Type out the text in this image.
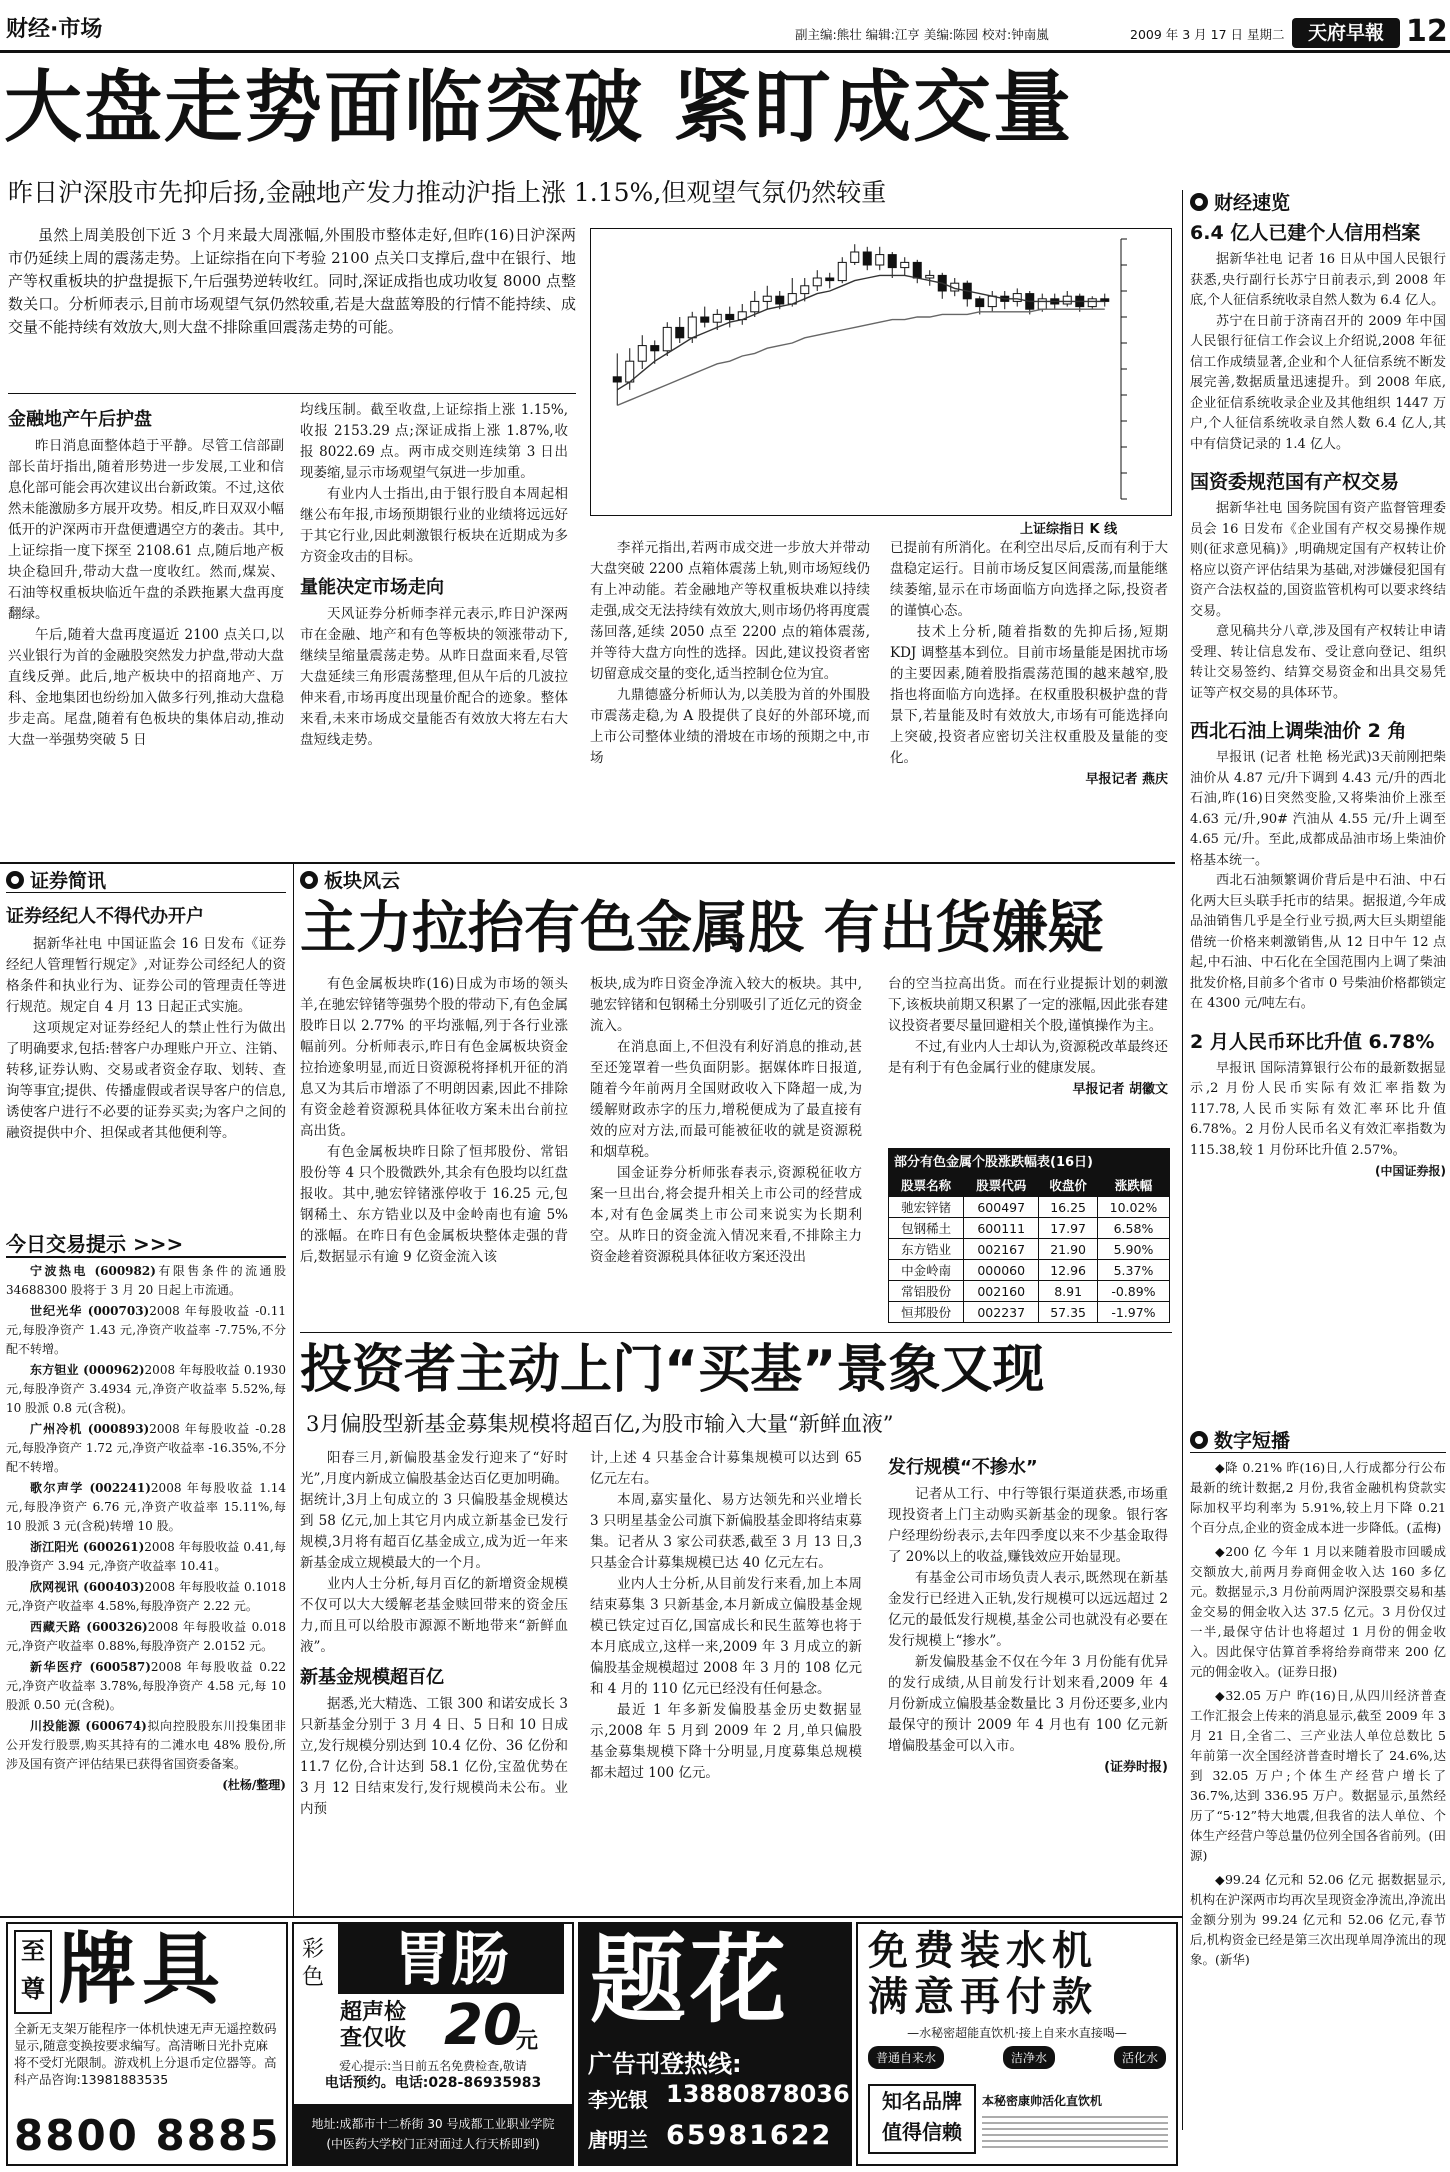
财经·市场	副主编:熊壮 编辑:江亨 美编:陈园 校对:钟南嵐	2009 年 3 月 17 日 星期二	天府早報 12
大盘走势面临突破 紧盯成交量
昨日沪深股市先抑后扬,金融地产发力推动沪指上涨 1.15%,但观望气氛仍然较重

虽然上周美股创下近 3 个月来最大周涨幅,外围股市整体走好,但昨(16)日沪深两市仍延续上周的震荡走势。上证综指在向下考验 2100 点关口支撑后,盘中在银行、地产等权重板块的护盘提振下,午后强势逆转收红。同时,深证成指也成功收复 8000 点整数关口。分析师表示,目前市场观望气氛仍然较重,若是大盘蓝筹股的行情不能持续、成交量不能持续有效放大,则大盘不排除重回震荡走势的可能。

上证综指日 K 线
金融地产午后护盘

昨日消息面整体趋于平静。尽管工信部副部长苗圩指出,随着形势进一步发展,工业和信息化部可能会再次建议出台新政策。不过,这依然未能激励多方展开攻势。相反,昨日双双小幅低开的沪深两市开盘便遭遇空方的袭击。其中,上证综指一度下探至 2108.61 点,随后地产板块企稳回升,带动大盘一度收红。然而,煤炭、石油等权重板块临近午盘的杀跌拖累大盘再度翻绿。

午后,随着大盘再度逼近 2100 点关口,以兴业银行为首的金融股突然发力护盘,带动大盘直线反弹。此后,地产板块中的招商地产、万科、金地集团也纷纷加入做多行列,推动大盘稳步走高。尾盘,随着有色板块的集体启动,推动大盘一举强势突破 5 日

均线压制。截至收盘,上证综指上涨 1.15%,收报 2153.29 点;深证成指上涨 1.87%,收报 8022.69 点。两市成交则连续第 3 日出现萎缩,显示市场观望气氛进一步加重。

有业内人士指出,由于银行股自本周起相继公布年报,市场预期银行业的业绩将远远好于其它行业,因此刺激银行板块在近期成为多方资金攻击的目标。

量能决定市场走向

天风证券分析师李祥元表示,昨日沪深两市在金融、地产和有色等板块的领涨带动下,继续呈缩量震荡走势。从昨日盘面来看,尽管大盘延续三角形震荡整理,但从午后的几波拉伸来看,市场再度出现量价配合的迹象。整体来看,未来市场成交量能否有效放大将左右大盘短线走势。

李祥元指出,若两市成交进一步放大并带动大盘突破 2200 点箱体震荡上轨,则市场短线仍有上冲动能。若金融地产等权重板块难以持续走强,成交无法持续有效放大,则市场仍将再度震荡回落,延续 2050 点至 2200 点的箱体震荡,并等待大盘方向性的选择。因此,建议投资者密切留意成交量的变化,适当控制仓位为宜。

九鼎德盛分析师认为,以美股为首的外围股市震荡走稳,为 A 股提供了良好的外部环境,而上市公司整体业绩的滑坡在市场的预期之中,市场

已提前有所消化。在利空出尽后,反而有利于大盘稳定运行。目前市场反复区间震荡,而量能继续萎缩,显示在市场面临方向选择之际,投资者的谨慎心态。

技术上分析,随着指数的先抑后扬,短期 KDJ 调整基本到位。目前市场量能是困扰市场的主要因素,随着股指震荡范围的越来越窄,股指也将面临方向选择。在权重股积极护盘的背景下,若量能及时有效放大,市场有可能选择向上突破,投资者应密切关注权重股及量能的变化。

早报记者 燕庆

证券简讯
证券经纪人不得代办开户

据新华社电 中国证监会 16 日发布《证券经纪人管理暂行规定》,对证券公司经纪人的资格条件和执业行为、证券公司的管理责任等进行规范。规定自 4 月 13 日起正式实施。

这项规定对证券经纪人的禁止性行为做出了明确要求,包括:替客户办理账户开立、注销、转移,证券认购、交易或者资金存取、划转、查询等事宜;提供、传播虚假或者误导客户的信息,诱使客户进行不必要的证券买卖;为客户之间的融资提供中介、担保或者其他便利等。

今日交易提示 >>>

宁波热电 (600982)有限售条件的流通股 34688300 股将于 3 月 20 日起上市流通。

世纪光华 (000703)2008 年每股收益 -0.11 元,每股净资产 1.43 元,净资产收益率 -7.75%,不分配不转增。

东方钽业 (000962)2008 年每股收益 0.1930 元,每股净资产 3.4934 元,净资产收益率 5.52%,每 10 股派 0.8 元(含税)。

广州冷机 (000893)2008 年每股收益 -0.28 元,每股净资产 1.72 元,净资产收益率 -16.35%,不分配不转增。

歌尔声学 (002241)2008 年每股收益 1.14 元,每股净资产 6.76 元,净资产收益率 15.11%,每 10 股派 3 元(含税)转增 10 股。

浙江阳光 (600261)2008 年每股收益 0.41,每股净资产 3.94 元,净资产收益率 10.41。

欣网视讯 (600403)2008 年每股收益 0.1018 元,净资产收益率 4.58%,每股净资产 2.22 元。

西藏天路 (600326)2008 年每股收益 0.018 元,净资产收益率 0.88%,每股净资产 2.0152 元。

新华医疗 (600587)2008 年每股收益 0.22 元,净资产收益率 3.78%,每股净资产 4.58 元,每 10 股派 0.50 元(含税)。

川投能源 (600674)拟向控股股东川投集团非公开发行股票,购买其持有的二滩水电 48% 股份,所涉及国有资产评估结果已获得省国资委备案。

(杜杨/整理)

板块风云
主力拉抬有色金属股 有出货嫌疑

有色金属板块昨(16)日成为市场的领头羊,在驰宏锌锗等强势个股的带动下,有色金属股昨日以 2.77% 的平均涨幅,列于各行业涨幅前列。分析师表示,昨日有色金属板块资金拉抬迹象明显,而近日资源税将择机开征的消息又为其后市增添了不明朗因素,因此不排除有资金趁着资源税具体征收方案未出台前拉高出货。

有色金属板块昨日除了恒邦股份、常铝股份等 4 只个股微跌外,其余有色股均以红盘报收。其中,驰宏锌锗涨停收于 16.25 元,包钢稀土、东方锆业以及中金岭南也有逾 5% 的涨幅。在昨日有色金属板块整体走强的背后,数据显示有逾 9 亿资金流入该

板块,成为昨日资金净流入较大的板块。其中,驰宏锌锗和包钢稀土分别吸引了近亿元的资金流入。

在消息面上,不但没有利好消息的推动,甚至还笼罩着一些负面阴影。据媒体昨日报道,随着今年前两月全国财政收入下降超一成,为缓解财政赤字的压力,增税便成为了最直接有效的应对方法,而最可能被征收的就是资源税和烟草税。

国金证券分析师张春表示,资源税征收方案一旦出台,将会提升相关上市公司的经营成本,对有色金属类上市公司来说实为长期利空。从昨日的资金流入情况来看,不排除主力资金趁着资源税具体征收方案还没出

台的空当拉高出货。而在行业提振计划的刺激下,该板块前期又积累了一定的涨幅,因此张春建议投资者要尽量回避相关个股,谨慎操作为主。

不过,有业内人士却认为,资源税改革最终还是有利于有色金属行业的健康发展。

早报记者 胡徽文

部分有色金属个股涨跌幅表(16日)
股票名称	股票代码	收盘价	涨跌幅
驰宏锌锗	600497	16.25	10.02%
包钢稀土	600111	17.97	6.58%
东方锆业	002167	21.90	5.90%
中金岭南	000060	12.96	5.37%
常铝股份	002160	8.91	-0.89%
恒邦股份	002237	57.35	-1.97%
投资者主动上门“买基”景象又现
3月偏股型新基金募集规模将超百亿,为股市输入大量“新鲜血液”

阳春三月,新偏股基金发行迎来了“好时光”,月度内新成立偏股基金达百亿更加明确。据统计,3月上旬成立的 3 只偏股基金规模达到 58 亿元,加上其它月内成立新基金已发行规模,3月将有超百亿基金成立,成为近一年来新基金成立规模最大的一个月。

业内人士分析,每月百亿的新增资金规模不仅可以大大缓解老基金赎回带来的资金压力,而且可以给股市源源不断地带来“新鲜血液”。

新基金规模超百亿

据悉,光大精选、工银 300 和诺安成长 3 只新基金分别于 3 月 4 日、5 日和 10 日成立,发行规模分别达到 10.4 亿份、36 亿份和 11.7 亿份,合计达到 58.1 亿份,宝盈优势在 3 月 12 日结束发行,发行规模尚未公布。业内预

计,上述 4 只基金合计募集规模可以达到 65 亿元左右。

本周,嘉实量化、易方达领先和兴业增长 3 只明星基金公司旗下新偏股基金即将结束募集。记者从 3 家公司获悉,截至 3 月 13 日,3 只基金合计募集规模已达 40 亿元左右。

业内人士分析,从目前发行来看,加上本周结束募集 3 只新基金,本月新成立偏股基金规模已铁定过百亿,国富成长和民生蓝筹也将于本月底成立,这样一来,2009 年 3 月成立的新偏股基金规模超过 2008 年 3 月的 108 亿元和 4 月的 110 亿元已经没有任何悬念。

最近 1 年多新发偏股基金历史数据显示,2008 年 5 月到 2009 年 2 月,单只偏股基金募集规模下降十分明显,月度募集总规模都未超过 100 亿元。

发行规模“不掺水”

记者从工行、中行等银行渠道获悉,市场重现投资者上门主动购买新基金的现象。银行客户经理纷纷表示,去年四季度以来不少基金取得了 20%以上的收益,赚钱效应开始显现。

有基金公司市场负责人表示,既然现在新基金发行已经进入正轨,发行规模可以远远超过 2 亿元的最低发行规模,基金公司也就没有必要在发行规模上“掺水”。

新发偏股基金不仅在今年 3 月份能有优异的发行成绩,从目前发行计划来看,2009 年 4 月份新成立偏股基金数量比 3 月份还要多,业内最保守的预计 2009 年 4 月也有 100 亿元新增偏股基金可以入市。

(证券时报)

财经速览
6.4 亿人已建个人信用档案

据新华社电 记者 16 日从中国人民银行获悉,央行副行长苏宁日前表示,到 2008 年底,个人征信系统收录自然人数为 6.4 亿人。

苏宁在日前于济南召开的 2009 年中国人民银行征信工作会议上介绍说,2008 年征信工作成绩显著,企业和个人征信系统不断发展完善,数据质量迅速提升。到 2008 年底,企业征信系统收录企业及其他组织 1447 万户,个人征信系统收录自然人数 6.4 亿人,其中有信贷记录的 1.4 亿人。

国资委规范国有产权交易

据新华社电 国务院国有资产监督管理委员会 16 日发布《企业国有产权交易操作规则(征求意见稿)》,明确规定国有产权转让价格应以资产评估结果为基础,对涉嫌侵犯国有资产合法权益的,国资监管机构可以要求终结交易。

意见稿共分八章,涉及国有产权转让申请受理、转让信息发布、受让意向登记、组织转让交易签约、结算交易资金和出具交易凭证等产权交易的具体环节。

西北石油上调柴油价 2 角

早报讯 (记者 杜艳 杨光武)3天前刚把柴油价从 4.87 元/升下调到 4.43 元/升的西北石油,昨(16)日突然变脸,又将柴油价上涨至 4.63 元/升,90# 汽油从 4.55 元/升上调至 4.65 元/升。至此,成都成品油市场上柴油价格基本统一。

西北石油频繁调价背后是中石油、中石化两大巨头联手托市的结果。据报道,今年成品油销售几乎是全行业亏损,两大巨头期望能借统一价格来刺激销售,从 12 日中午 12 点起,中石油、中石化在全国范围内上调了柴油批发价格,目前多个省市 0 号柴油价格都锁定在 4300 元/吨左右。

2 月人民币环比升值 6.78%

早报讯 国际清算银行公布的最新数据显示,2 月份人民币实际有效汇率指数为 117.78,人民币实际有效汇率环比升值 6.78%。2 月份人民币名义有效汇率指数为 115.38,较 1 月份环比升值 2.57%。

(中国证券报)

数字短播

◆降 0.21% 昨(16)日,人行成都分行公布最新的统计数据,2 月份,我省金融机构贷款实际加权平均利率为 5.91%,较上月下降 0.21 个百分点,企业的资金成本进一步降低。(孟梅)

◆200 亿 今年 1 月以来随着股市回暖成交额放大,前两月券商佣金收入达 160 多亿元。数据显示,3 月份前两周沪深股票交易和基金交易的佣金收入达 37.5 亿元。3 月份仅过一半,最保守估计也将超过 1 月份的佣金收入。因此保守估算首季将给券商带来 200 亿元的佣金收入。(证券日报)

◆32.05 万户 昨(16)日,从四川经济普查工作汇报会上传来的消息显示,截至 2009 年 3 月 21 日,全省二、三产业法人单位总数比 5 年前第一次全国经济普查时增长了 24.6%,达到 32.05 万户;个体生产经营户增长了 36.7%,达到 336.95 万户。数据显示,虽然经历了“5·12”特大地震,但我省的法人单位、个体生产经营户等总量仍位列全国各省前列。(田源)

◆99.24 亿元和 52.06 亿元 据数据显示,机构在沪深两市均再次呈现资金净流出,净流出金额分别为 99.24 亿元和 52.06 亿元,春节后,机构资金已经是第三次出现单周净流出的现象。(新华)

至
尊 牌具
全新无支架万能程序一体机快速无声无遥控数码显示,随意变换按要求编写。高清晰日光扑克麻将不受灯光限制。游戏机上分退币定位器等。高科产品咨询:13981883535
8800 8885
彩
色	胃肠
超声检
查仅收 20
元
爱心提示:当日前五名免费检查,敬请
电话预约。电话:028-86935983
地址:成都市十二桥街 30 号成都工业职业学院
(中医药大学校门正对面过人行天桥即到)
题花
广告刊登热线:
李光银 13880878036
唐明兰 65981622
免费装水机
满意再付款
—水秘密超能直饮机·接上自来水直接喝—
普通自来水	洁净水	活化水
知名品牌
值得信赖
本秘密康帅活化直饮机
